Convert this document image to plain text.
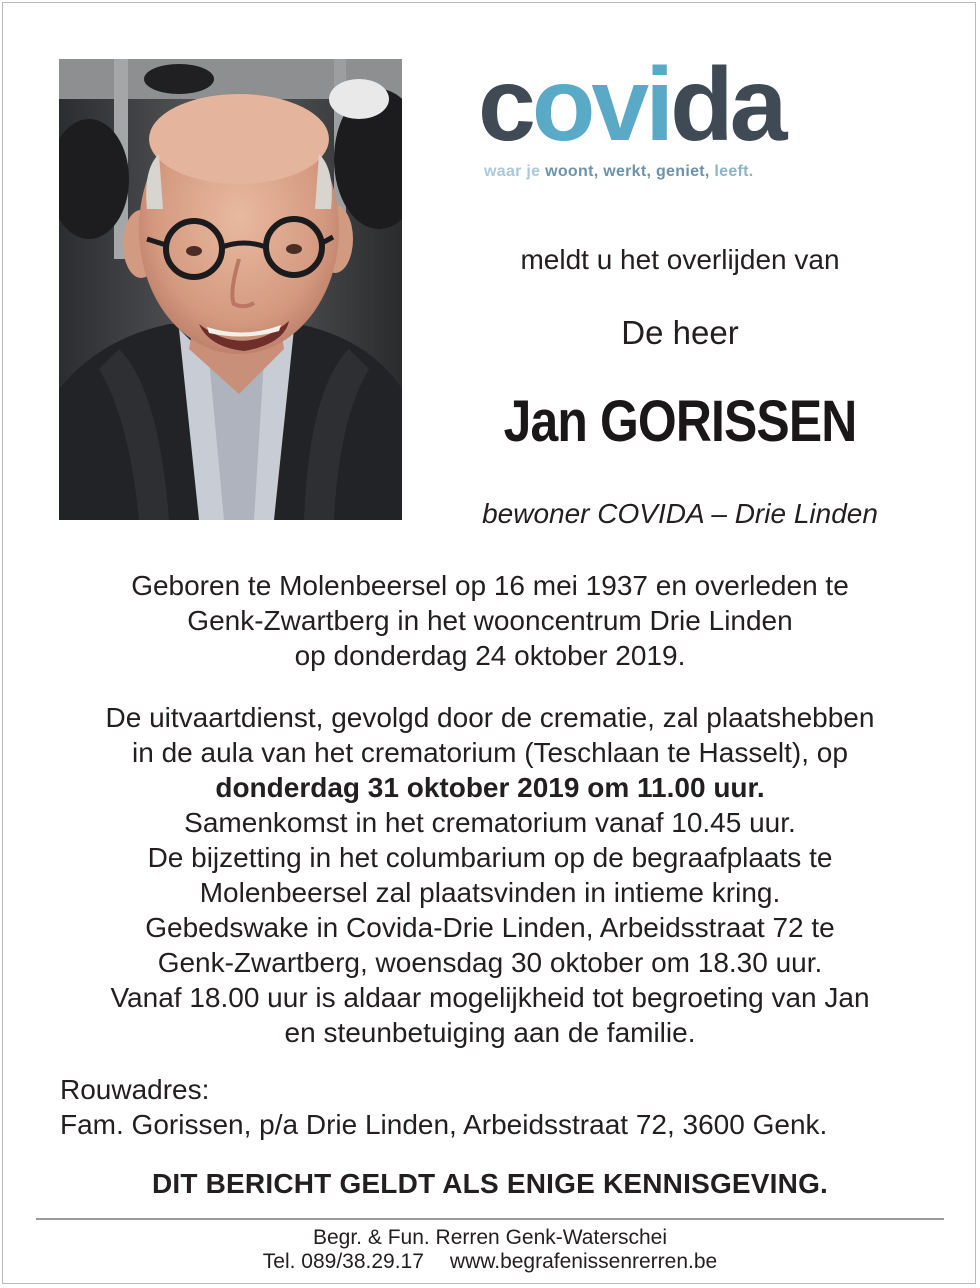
covida
waar je woont, werkt, geniet, leeft.
meldt u het overlijden van
De heer
Jan GORISSEN
bewoner COVIDA – Drie Linden
Geboren te Molenbeersel op 16 mei 1937 en overleden te
Genk-Zwartberg in het wooncentrum Drie Linden
op donderdag 24 oktober 2019.
De uitvaartdienst, gevolgd door de crematie, zal plaatshebben
in de aula van het crematorium (Teschlaan te Hasselt), op
donderdag 31 oktober 2019 om 11.00 uur.
Samenkomst in het crematorium vanaf 10.45 uur.
De bijzetting in het columbarium op de begraafplaats te
Molenbeersel zal plaatsvinden in intieme kring.
Gebedswake in Covida-Drie Linden, Arbeidsstraat 72 te
Genk-Zwartberg, woensdag 30 oktober om 18.30 uur.
Vanaf 18.00 uur is aldaar mogelijkheid tot begroeting van Jan
en steunbetuiging aan de familie.
Rouwadres:
Fam. Gorissen, p/a Drie Linden, Arbeidsstraat 72, 3600 Genk.
DIT BERICHT GELDT ALS ENIGE KENNISGEVING.
Begr. & Fun. Rerren Genk-Waterschei
Tel. 089/38.29.17 www.begrafenissenrerren.be
